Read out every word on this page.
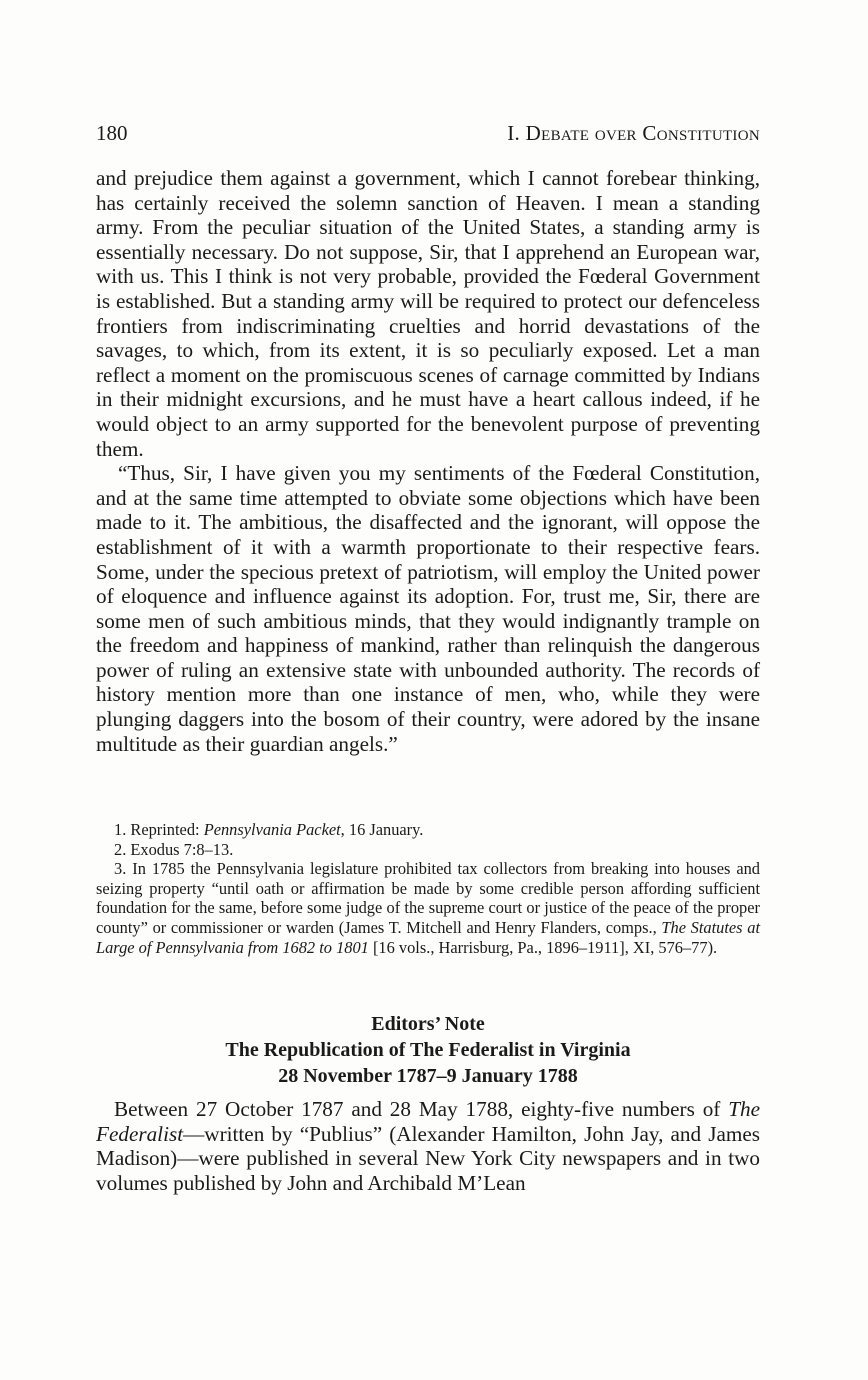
180	I. Debate over Constitution

and prejudice them against a government, which I cannot forebear thinking, has certainly received the solemn sanction of Heaven. I mean a standing army. From the peculiar situation of the United States, a standing army is essentially necessary. Do not suppose, Sir, that I apprehend an European war, with us. This I think is not very probable, provided the Fœderal Government is established. But a standing army will be required to protect our defenceless frontiers from indiscriminating cruelties and horrid devastations of the savages, to which, from its extent, it is so peculiarly exposed. Let a man reflect a moment on the promiscuous scenes of carnage committed by Indians in their midnight excursions, and he must have a heart callous indeed, if he would object to an army supported for the benevolent purpose of preventing them.

“Thus, Sir, I have given you my sentiments of the Fœderal Constitution, and at the same time attempted to obviate some objections which have been made to it. The ambitious, the disaffected and the ignorant, will oppose the establishment of it with a warmth proportionate to their respective fears. Some, under the specious pretext of patriotism, will employ the United power of eloquence and influence against its adoption. For, trust me, Sir, there are some men of such ambitious minds, that they would indignantly trample on the freedom and happiness of mankind, rather than relinquish the dangerous power of ruling an extensive state with unbounded authority. The records of history mention more than one instance of men, who, while they were plunging daggers into the bosom of their country, were adored by the insane multitude as their guardian angels.”

1. Reprinted: Pennsylvania Packet, 16 January.

2. Exodus 7:8–13.

3. In 1785 the Pennsylvania legislature prohibited tax collectors from breaking into houses and seizing property “until oath or affirmation be made by some credible person affording sufficient foundation for the same, before some judge of the supreme court or justice of the peace of the proper county” or commissioner or warden (James T. Mitchell and Henry Flanders, comps., The Statutes at Large of Pennsylvania from 1682 to 1801 [16 vols., Harrisburg, Pa., 1896–1911], XI, 576–77).

Editors’ Note
The Republication of The Federalist in Virginia
28 November 1787–9 January 1788

Between 27 October 1787 and 28 May 1788, eighty-five numbers of The Federalist—written by “Publius” (Alexander Hamilton, John Jay, and James Madison)—were published in several New York City newspapers and in two volumes published by John and Archibald M’Lean
